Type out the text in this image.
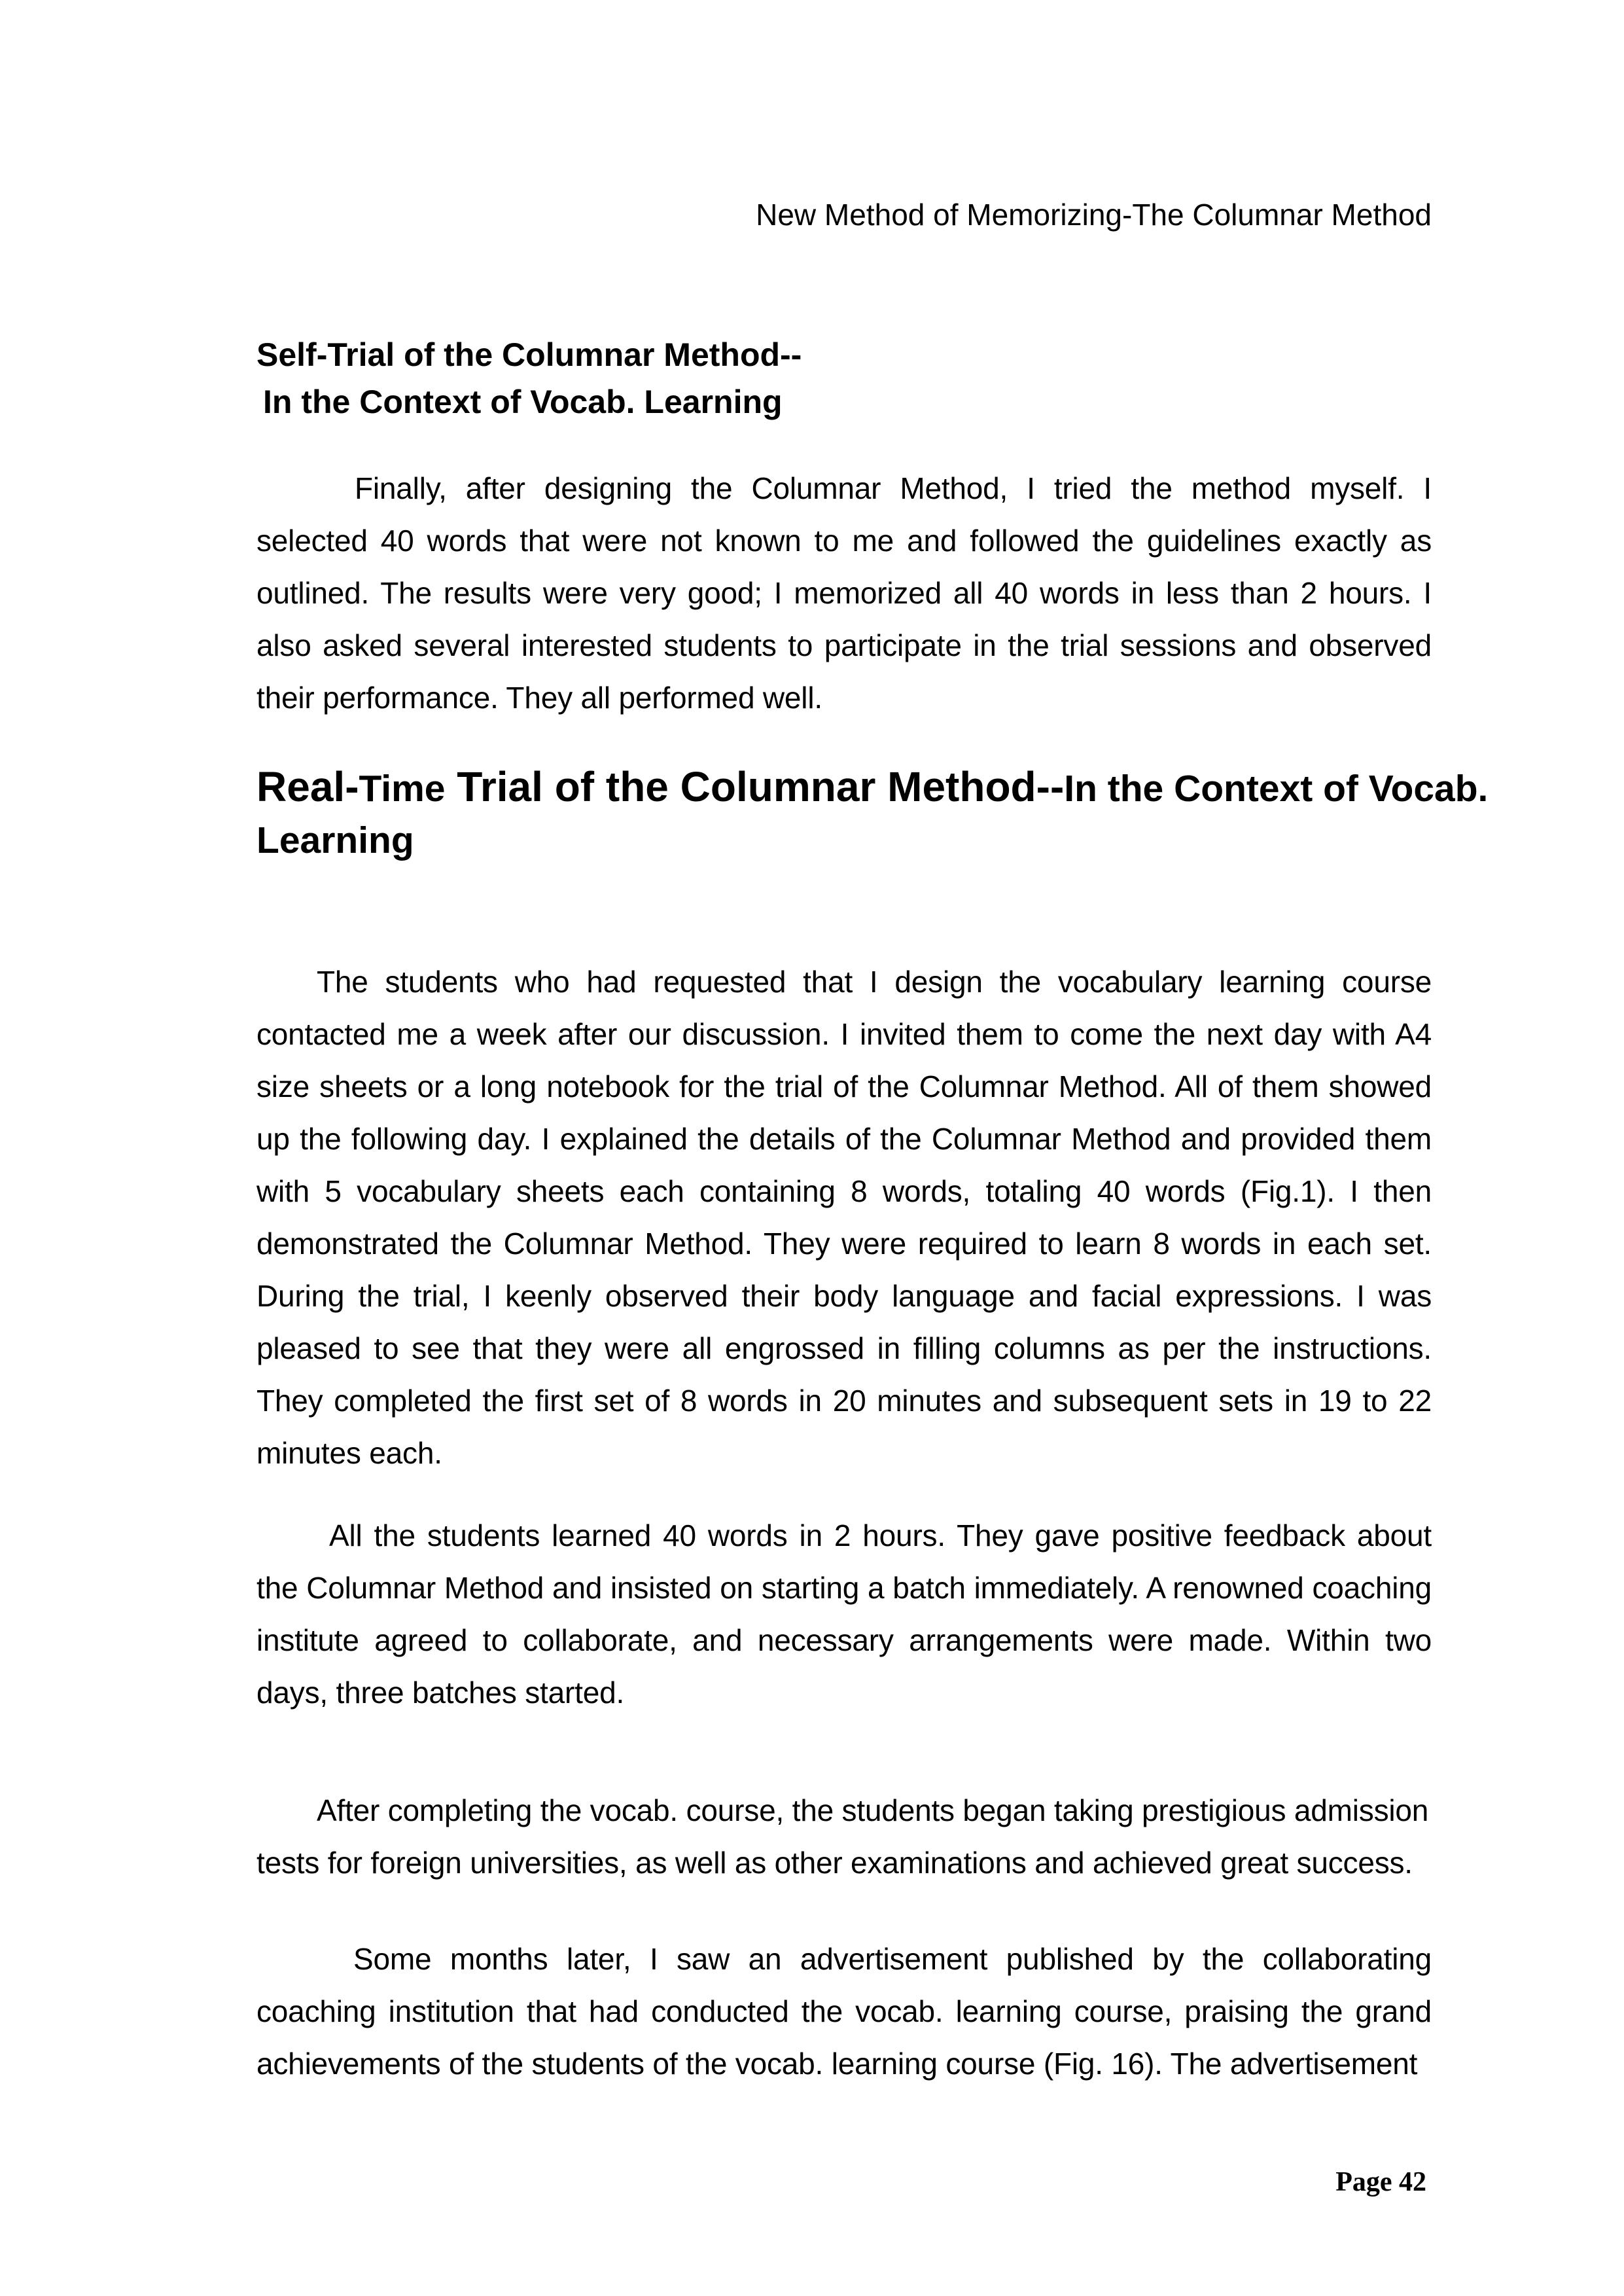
New Method of Memorizing-The Columnar Method
Self-Trial of the Columnar Method--
In the Context of Vocab. Learning
Finally, after designing the Columnar Method, I tried the method myself. I selected 40 words that were not known to me and followed the guidelines exactly as outlined. The results were very good; I memorized all 40 words in less than 2 hours. I also asked several interested students to participate in the trial sessions and observed their performance. They all performed well.
Real-Time Trial of the Columnar Method--In the Context of Vocab.
Learning
The students who had requested that I design the vocabulary learning course contacted me a week after our discussion. I invited them to come the next day with A4 size sheets or a long notebook for the trial of the Columnar Method. All of them showed up the following day. I explained the details of the Columnar Method and provided them with 5 vocabulary sheets each containing 8 words, totaling 40 words (Fig.1). I then demonstrated the Columnar Method. They were required to learn 8 words in each set. During the trial, I keenly observed their body language and facial expressions. I was pleased to see that they were all engrossed in filling columns as per the instructions. They completed the first set of 8 words in 20 minutes and subsequent sets in 19 to 22 minutes each.
All the students learned 40 words in 2 hours. They gave positive feedback about the Columnar Method and insisted on starting a batch immediately. A renowned coaching institute agreed to collaborate, and necessary arrangements were made. Within two days, three batches started.
After completing the vocab. course, the students began taking prestigious admission tests for foreign universities, as well as other examinations and achieved great success.
Some months later, I saw an advertisement published by the collaborating coaching institution that had conducted the vocab. learning course, praising the grand achievements of the students of the vocab. learning course (Fig. 16). The advertisement
Page 42
